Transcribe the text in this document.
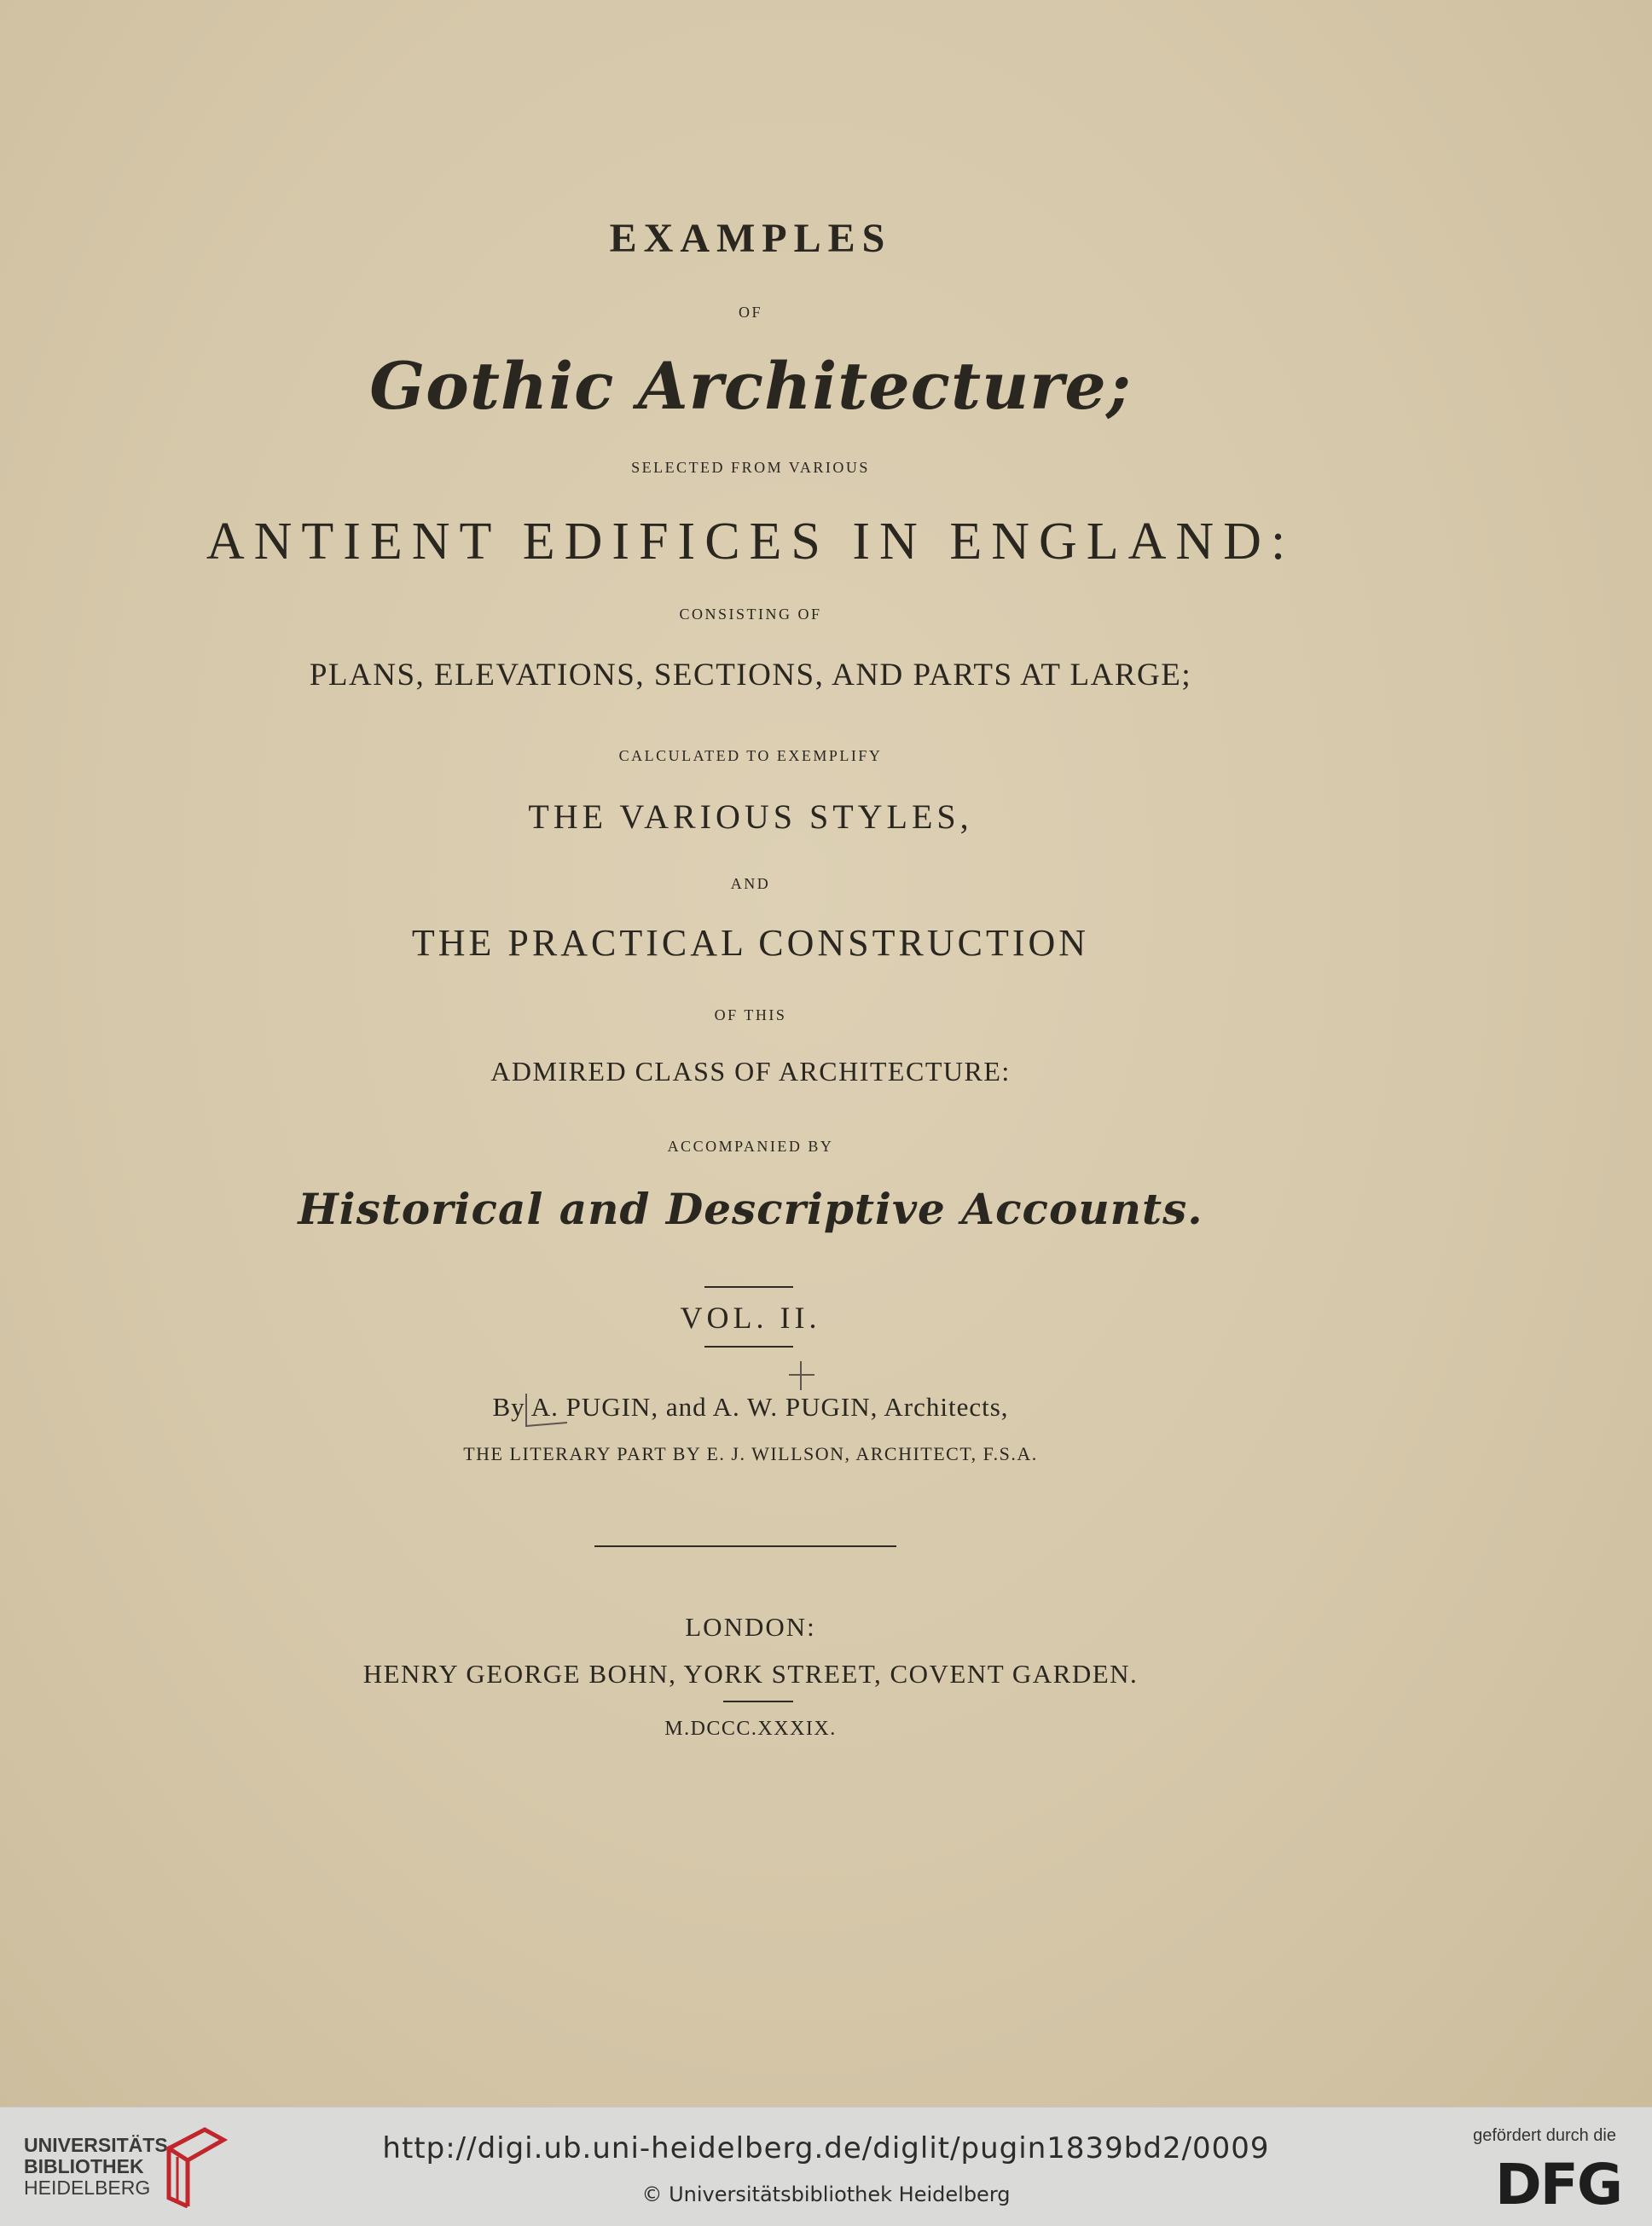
EXAMPLES
OF
Gothic Architecture;
SELECTED FROM VARIOUS
ANTIENT EDIFICES IN ENGLAND:
CONSISTING OF
PLANS, ELEVATIONS, SECTIONS, AND PARTS AT LARGE;
CALCULATED TO EXEMPLIFY
THE VARIOUS STYLES,
AND
THE PRACTICAL CONSTRUCTION
OF THIS
ADMIRED CLASS OF ARCHITECTURE:
ACCOMPANIED BY
Historical and Descriptive Accounts.
VOL. II.
By A. PUGIN, and A. W. PUGIN, Architects,
THE LITERARY PART BY E. J. WILLSON, ARCHITECT, F.S.A.
LONDON:
HENRY GEORGE BOHN, YORK STREET, COVENT GARDEN.
M.DCCC.XXXIX.
UNIVERSITÄTS-
BIBLIOTHEK
HEIDELBERG
http://digi.ub.uni-heidelberg.de/diglit/pugin1839bd2/0009
© Universitätsbibliothek Heidelberg
gefördert durch die
DFG
